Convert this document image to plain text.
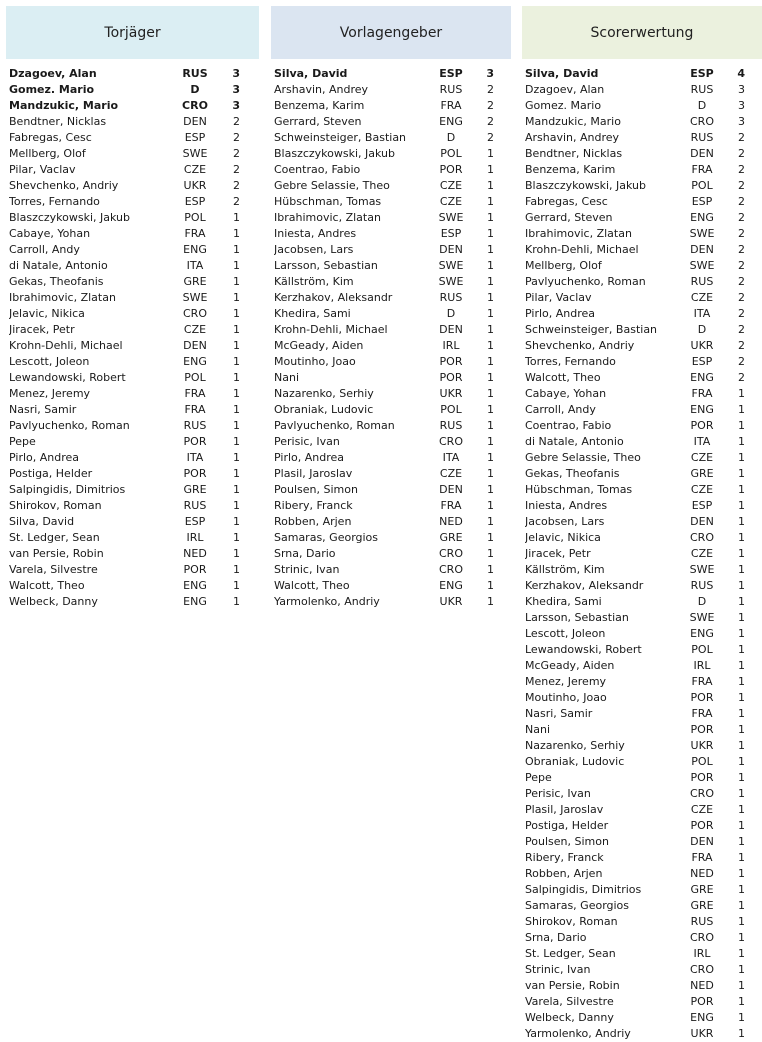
Torjäger
Dzagoev, Alan	RUS	3
Gomez. Mario	D	3
Mandzukic, Mario	CRO	3
Bendtner, Nicklas	DEN	2
Fabregas, Cesc	ESP	2
Mellberg, Olof	SWE	2
Pilar, Vaclav	CZE	2
Shevchenko, Andriy	UKR	2
Torres, Fernando	ESP	2
Blaszczykowski, Jakub	POL	1
Cabaye, Yohan	FRA	1
Carroll, Andy	ENG	1
di Natale, Antonio	ITA	1
Gekas, Theofanis	GRE	1
Ibrahimovic, Zlatan	SWE	1
Jelavic, Nikica	CRO	1
Jiracek, Petr	CZE	1
Krohn-Dehli, Michael	DEN	1
Lescott, Joleon	ENG	1
Lewandowski, Robert	POL	1
Menez, Jeremy	FRA	1
Nasri, Samir	FRA	1
Pavlyuchenko, Roman	RUS	1
Pepe	POR	1
Pirlo, Andrea	ITA	1
Postiga, Helder	POR	1
Salpingidis, Dimitrios	GRE	1
Shirokov, Roman	RUS	1
Silva, David	ESP	1
St. Ledger, Sean	IRL	1
van Persie, Robin	NED	1
Varela, Silvestre	POR	1
Walcott, Theo	ENG	1
Welbeck, Danny	ENG	1
Vorlagengeber
Silva, David	ESP	3
Arshavin, Andrey	RUS	2
Benzema, Karim	FRA	2
Gerrard, Steven	ENG	2
Schweinsteiger, Bastian	D	2
Blaszczykowski, Jakub	POL	1
Coentrao, Fabio	POR	1
Gebre Selassie, Theo	CZE	1
Hübschman, Tomas	CZE	1
Ibrahimovic, Zlatan	SWE	1
Iniesta, Andres	ESP	1
Jacobsen, Lars	DEN	1
Larsson, Sebastian	SWE	1
Källström, Kim	SWE	1
Kerzhakov, Aleksandr	RUS	1
Khedira, Sami	D	1
Krohn-Dehli, Michael	DEN	1
McGeady, Aiden	IRL	1
Moutinho, Joao	POR	1
Nani	POR	1
Nazarenko, Serhiy	UKR	1
Obraniak, Ludovic	POL	1
Pavlyuchenko, Roman	RUS	1
Perisic, Ivan	CRO	1
Pirlo, Andrea	ITA	1
Plasil, Jaroslav	CZE	1
Poulsen, Simon	DEN	1
Ribery, Franck	FRA	1
Robben, Arjen	NED	1
Samaras, Georgios	GRE	1
Srna, Dario	CRO	1
Strinic, Ivan	CRO	1
Walcott, Theo	ENG	1
Yarmolenko, Andriy	UKR	1
Scorerwertung
Silva, David	ESP	4
Dzagoev, Alan	RUS	3
Gomez. Mario	D	3
Mandzukic, Mario	CRO	3
Arshavin, Andrey	RUS	2
Bendtner, Nicklas	DEN	2
Benzema, Karim	FRA	2
Blaszczykowski, Jakub	POL	2
Fabregas, Cesc	ESP	2
Gerrard, Steven	ENG	2
Ibrahimovic, Zlatan	SWE	2
Krohn-Dehli, Michael	DEN	2
Mellberg, Olof	SWE	2
Pavlyuchenko, Roman	RUS	2
Pilar, Vaclav	CZE	2
Pirlo, Andrea	ITA	2
Schweinsteiger, Bastian	D	2
Shevchenko, Andriy	UKR	2
Torres, Fernando	ESP	2
Walcott, Theo	ENG	2
Cabaye, Yohan	FRA	1
Carroll, Andy	ENG	1
Coentrao, Fabio	POR	1
di Natale, Antonio	ITA	1
Gebre Selassie, Theo	CZE	1
Gekas, Theofanis	GRE	1
Hübschman, Tomas	CZE	1
Iniesta, Andres	ESP	1
Jacobsen, Lars	DEN	1
Jelavic, Nikica	CRO	1
Jiracek, Petr	CZE	1
Källström, Kim	SWE	1
Kerzhakov, Aleksandr	RUS	1
Khedira, Sami	D	1
Larsson, Sebastian	SWE	1
Lescott, Joleon	ENG	1
Lewandowski, Robert	POL	1
McGeady, Aiden	IRL	1
Menez, Jeremy	FRA	1
Moutinho, Joao	POR	1
Nasri, Samir	FRA	1
Nani	POR	1
Nazarenko, Serhiy	UKR	1
Obraniak, Ludovic	POL	1
Pepe	POR	1
Perisic, Ivan	CRO	1
Plasil, Jaroslav	CZE	1
Postiga, Helder	POR	1
Poulsen, Simon	DEN	1
Ribery, Franck	FRA	1
Robben, Arjen	NED	1
Salpingidis, Dimitrios	GRE	1
Samaras, Georgios	GRE	1
Shirokov, Roman	RUS	1
Srna, Dario	CRO	1
St. Ledger, Sean	IRL	1
Strinic, Ivan	CRO	1
van Persie, Robin	NED	1
Varela, Silvestre	POR	1
Welbeck, Danny	ENG	1
Yarmolenko, Andriy	UKR	1
